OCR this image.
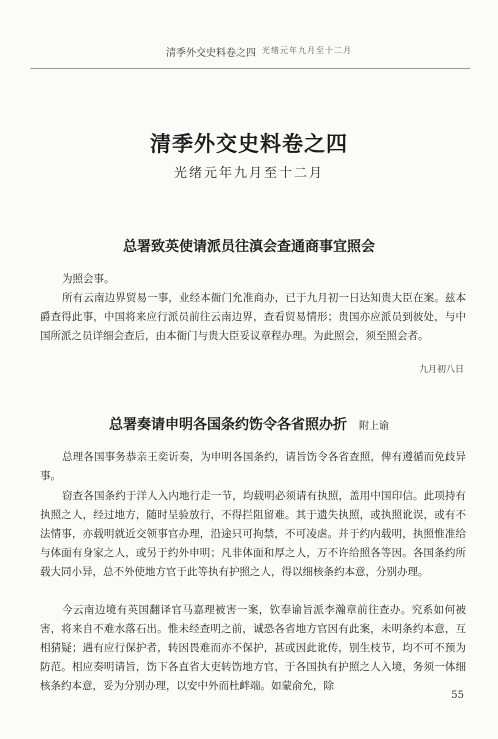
清季外交史料卷之四 光绪元年九月至十二月
清季外交史料卷之四
光绪元年九月至十二月
总署致英使请派员往滇会查通商事宜照会

为照会事。

所有云南边界贸易一事，业经本衙门允准商办，已于九月初一日达知贵大臣在案。兹本爵查得此事，中国将来应行派员前往云南边界，查看贸易情形；贵国亦应派员到彼处，与中国所派之员详细会查后，由本衙门与贵大臣妥议章程办理。为此照会，须至照会者。

九月初八日
总署奏请申明各国条约饬令各省照办折 附上谕

总理各国事务恭亲王奕䜣奏，为申明各国条约，请旨饬令各省查照，俾有遵循而免歧异事。

窃查各国条约于洋人入内地行走一节，均载明必须请有执照，盖用中国印信。此项持有执照之人，经过地方，随时呈验放行，不得拦阻留难。其于遗失执照，或执照讹误，或有不法情事，亦载明就近交领事官办理，沿途只可拘禁，不可凌虐。并于约内载明，执照惟准给与体面有身家之人，或另于约外申明；凡非体面和厚之人，万不许给照各等因。各国条约所载大同小异，总不外使地方官于此等执有护照之人，得以细核条约本意，分别办理。

今云南边境有英国翻译官马嘉理被害一案，钦奉谕旨派李瀚章前往查办。究系如何被害，将来自不难水落石出。惟未经查明之前，诚恐各省地方官因有此案，未明条约本意，互相猜疑；遇有应行保护者，转因畏难而亦不保护，甚或因此讹传，别生枝节，均不可不预为防范。相应奏明请旨，饬下各直省大吏转饬地方官，于各国执有护照之人入境，务须一体细核条约本意，妥为分别办理，以安中外而杜衅端。如蒙俞允，除

55
